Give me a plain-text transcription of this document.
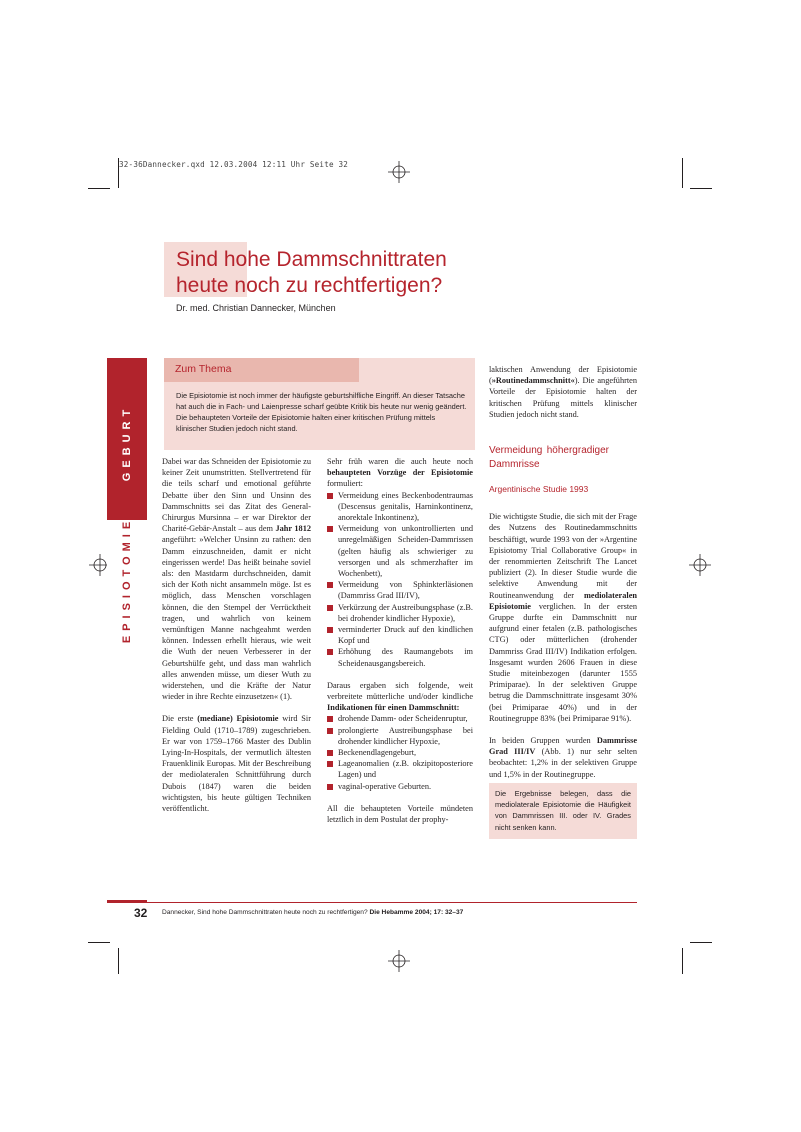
32-36Dannecker.qxd 12.03.2004 12:11 Uhr Seite 32
Sind hohe Dammschnittraten
heute noch zu rechtfertigen?
Dr. med. Christian Dannecker, München
GEBURT
EPISIOTOMIE
Zum Thema
Die Episiotomie ist noch immer der häufigste geburtshilfliche Eingriff. An dieser Tatsache hat auch die in Fach- und Laienpresse scharf geübte Kritik bis heute nur wenig geändert. Die behaupteten Vorteile der Episiotomie halten einer kritischen Prüfung mittels klinischer Studien jedoch nicht stand.

Dabei war das Schneiden der Episiotomie zu keiner Zeit unumstritten. Stellvertretend für die teils scharf und emotional geführte Debatte über den Sinn und Unsinn des Dammschnitts sei das Zitat des General-Chirurgus Mursinna – er war Direktor der Charité-Gebär-Anstalt – aus dem Jahr 1812 angeführt: »Welcher Unsinn zu rathen: den Damm einzuschneiden, damit er nicht eingerissen werde! Das heißt beinahe soviel als: den Mastdarm durchschneiden, damit sich der Koth nicht ansammeln möge. Ist es möglich, dass Menschen vorschlagen können, die den Stempel der Verrücktheit tragen, und wahrlich von keinem vernünftigen Manne nachgeahmt werden können. Indessen erhellt hieraus, wie weit die Wuth der neuen Verbesserer in der Geburtshülfe geht, und dass man wahrlich alles anwenden müsse, um dieser Wuth zu widerstehen, und die Kräfte der Natur wieder in ihre Rechte einzusetzen« (1).

Die erste (mediane) Episiotomie wird Sir Fielding Ould (1710–1789) zugeschrieben. Er war von 1759–1766 Master des Dublin Lying-In-Hospitals, der vermutlich ältesten Frauenklinik Europas. Mit der Beschreibung der mediolateralen Schnittführung durch Dubois (1847) waren die beiden wichtigsten, bis heute gültigen Techniken veröffentlicht.

Sehr früh waren die auch heute noch behaupteten Vorzüge der Episiotomie formuliert:

Vermeidung eines Beckenbodentraumas (Descensus genitalis, Harninkontinenz, anorektale Inkontinenz),
Vermeidung von unkontrollierten und unregelmäßigen Scheiden-Dammrissen (gelten häufig als schwieriger zu versorgen und als schmerzhafter im Wochenbett),
Vermeidung von Sphinkterläsionen (Dammriss Grad III/IV),
Verkürzung der Austreibungsphase (z.B. bei drohender kindlicher Hypoxie),
verminderter Druck auf den kindlichen Kopf und
Erhöhung des Raumangebots im Scheidenausgangsbereich.

Daraus ergaben sich folgende, weit verbreitete mütterliche und/oder kindliche Indikationen für einen Dammschnitt:

drohende Damm- oder Scheidenruptur,
prolongierte Austreibungsphase bei drohender kindlicher Hypoxie,
Beckenendlagengeburt,
Lageanomalien (z.B. okzipitoposteriore Lagen) und
vaginal-operative Geburten.

All die behaupteten Vorteile mündeten letztlich in dem Postulat der prophy-

laktischen Anwendung der Episiotomie (»Routinedammschnitt«). Die angeführten Vorteile der Episiotomie halten der kritischen Prüfung mittels klinischer Studien jedoch nicht stand.

Vermeidung höhergradiger Dammrisse
Argentinische Studie 1993

Die wichtigste Studie, die sich mit der Frage des Nutzens des Routinedammschnitts beschäftigt, wurde 1993 von der »Argentine Episiotomy Trial Collaborative Group« in der renommierten Zeitschrift The Lancet publiziert (2). In dieser Studie wurde die selektive Anwendung mit der Routineanwendung der mediolateralen Episiotomie verglichen. In der ersten Gruppe durfte ein Dammschnitt nur aufgrund einer fetalen (z.B. pathologisches CTG) oder mütterlichen (drohender Dammriss Grad III/IV) Indikation erfolgen. Insgesamt wurden 2606 Frauen in diese Studie miteinbezogen (darunter 1555 Primiparae). In der selektiven Gruppe betrug die Dammschnittrate insgesamt 30% (bei Primiparae 40%) und in der Routinegruppe 83% (bei Primiparae 91%).

In beiden Gruppen wurden Dammrisse Grad III/IV (Abb. 1) nur sehr selten beobachtet: 1,2% in der selektiven Gruppe und 1,5% in der Routinegruppe.

Die Ergebnisse belegen, dass die mediolaterale Episiotomie die Häufigkeit von Dammrissen III. oder IV. Grades nicht senken kann.
32 Dannecker, Sind hohe Dammschnittraten heute noch zu rechtfertigen? Die Hebamme 2004; 17: 32–37
